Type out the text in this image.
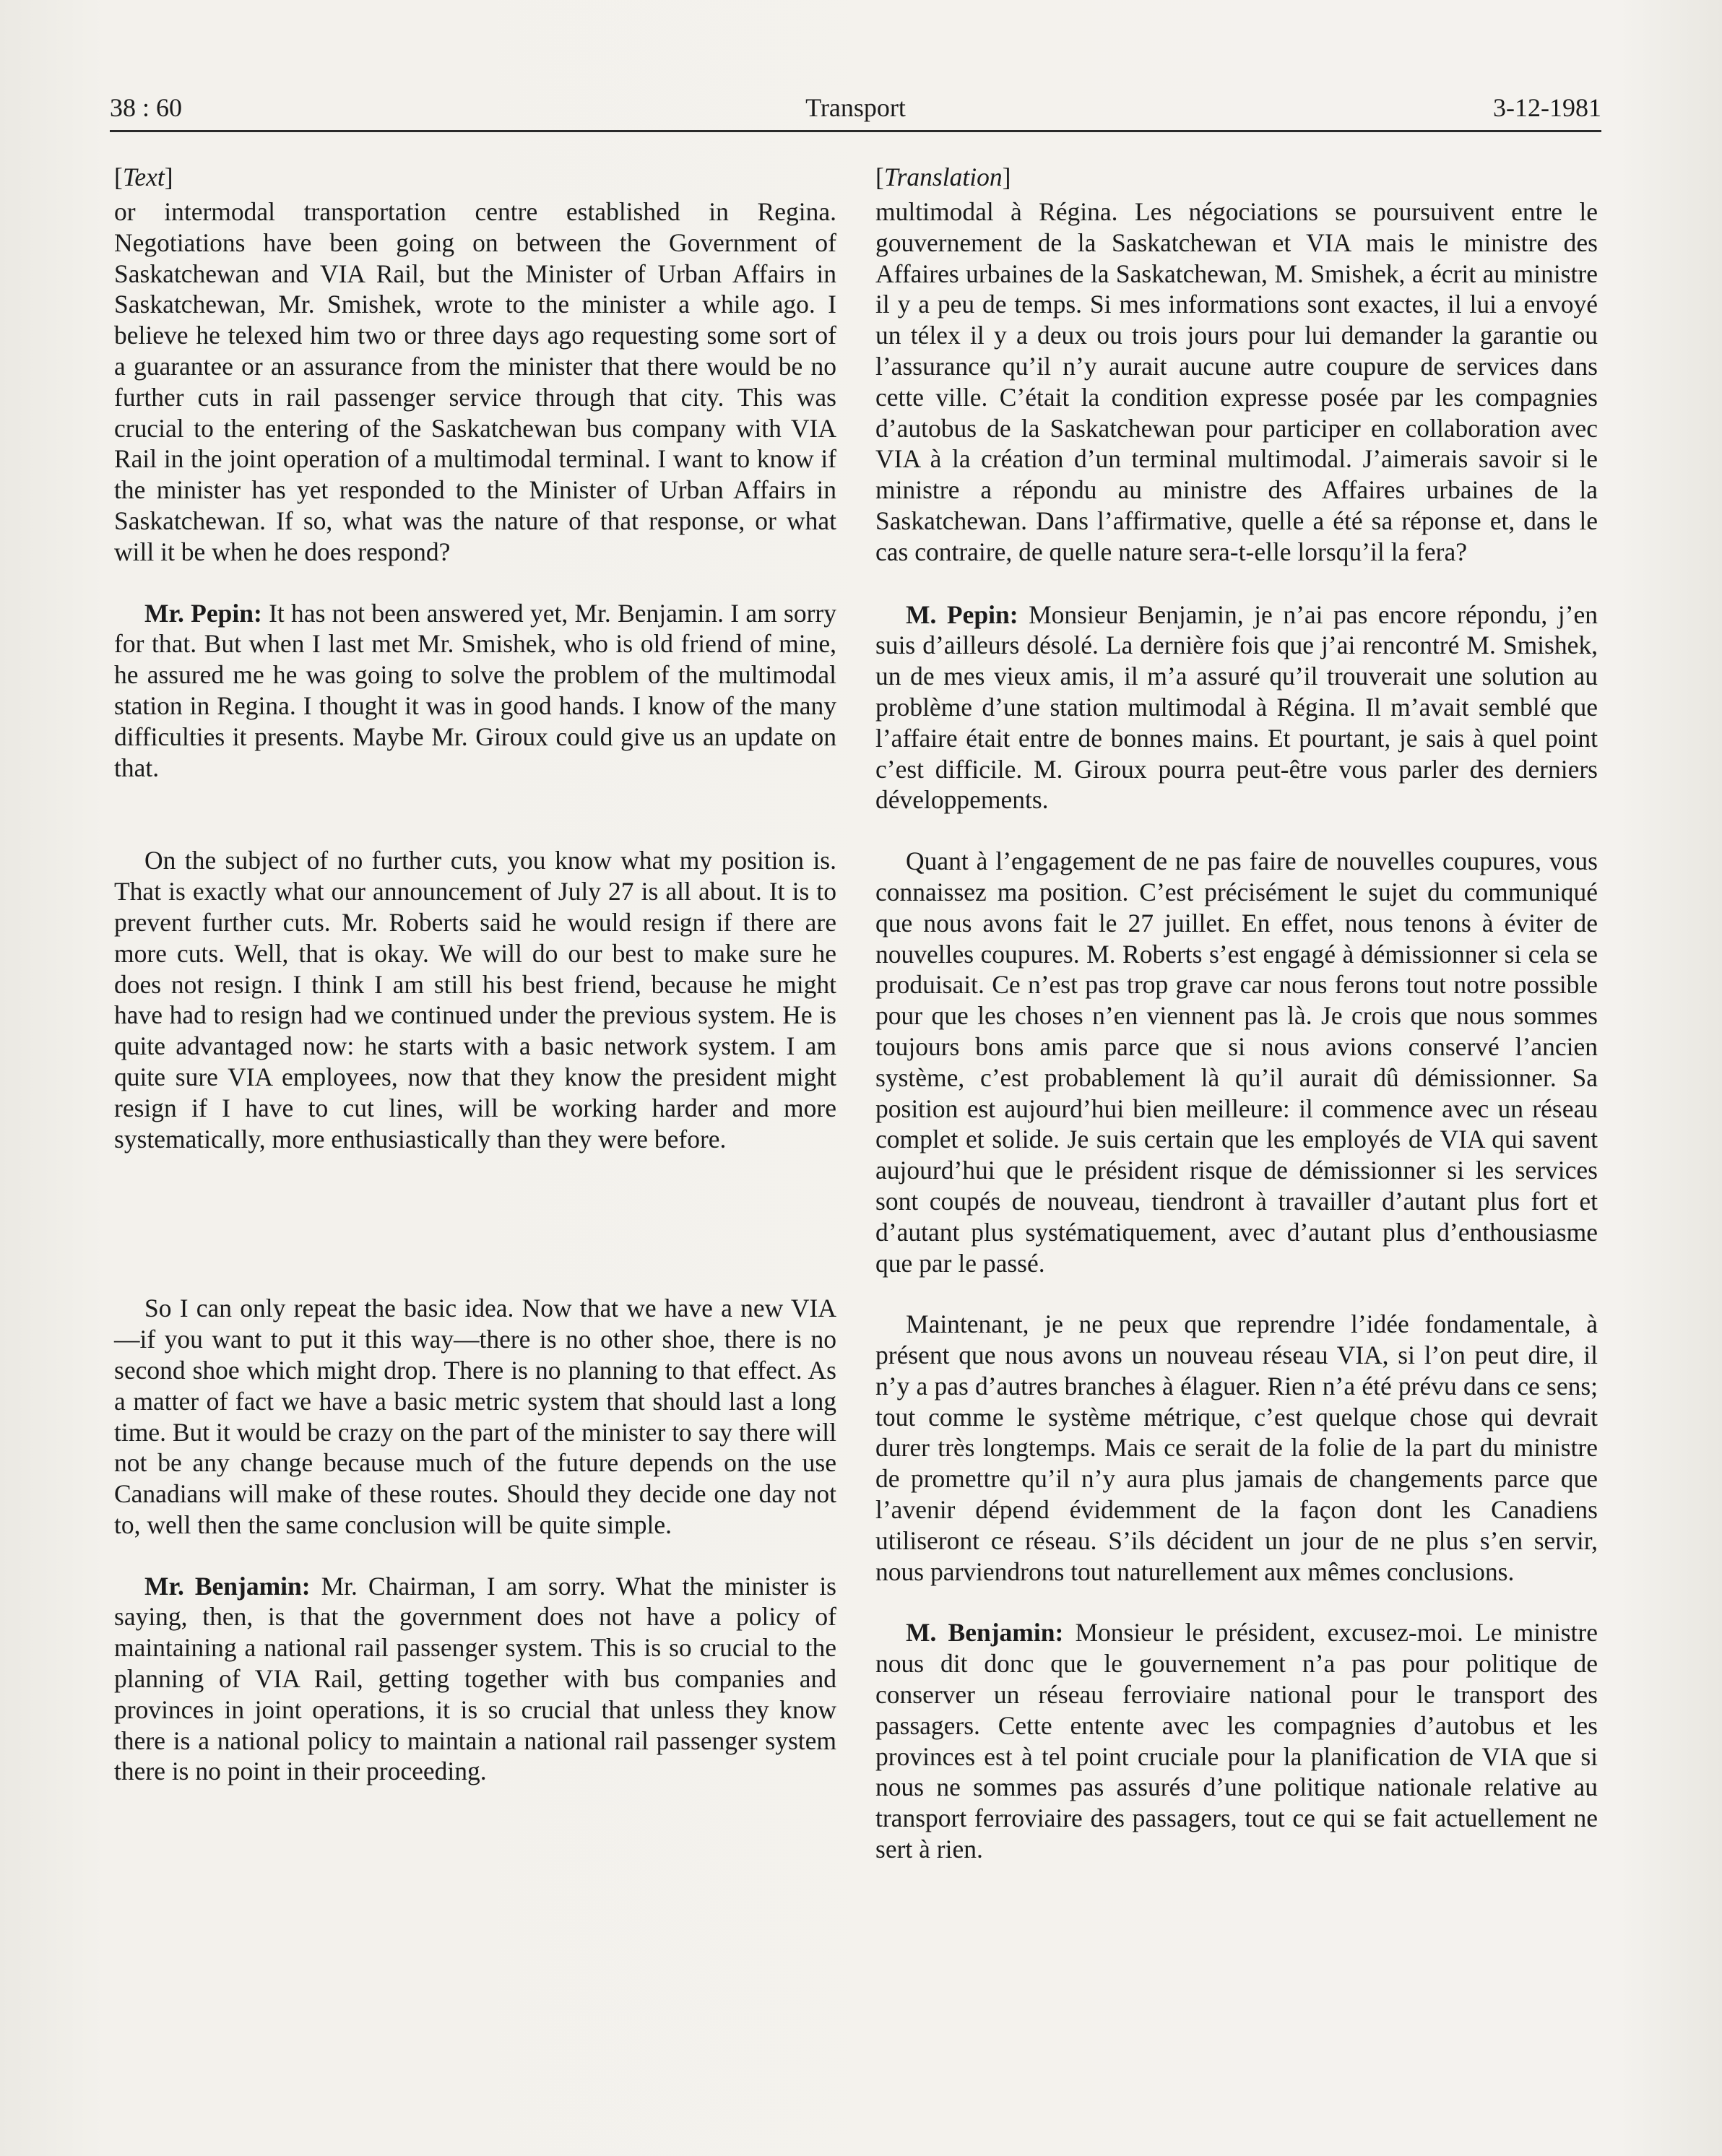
38 : 60	Transport	3-12-1981
[Text]

or intermodal transportation centre established in Regina. Negotiations have been going on between the Government of Saskatchewan and VIA Rail, but the Minister of Urban Affairs in Saskatchewan, Mr. Smishek, wrote to the minister a while ago. I believe he telexed him two or three days ago requesting some sort of a guarantee or an assurance from the minister that there would be no further cuts in rail passenger service through that city. This was crucial to the entering of the Saskatchewan bus company with VIA Rail in the joint operation of a multimodal terminal. I want to know if the minister has yet responded to the Minister of Urban Affairs in Saskatchewan. If so, what was the nature of that response, or what will it be when he does respond?

Mr. Pepin: It has not been answered yet, Mr. Benjamin. I am sorry for that. But when I last met Mr. Smishek, who is old friend of mine, he assured me he was going to solve the problem of the multimodal station in Regina. I thought it was in good hands. I know of the many difficulties it presents. Maybe Mr. Giroux could give us an update on that.

On the subject of no further cuts, you know what my position is. That is exactly what our announcement of July 27 is all about. It is to prevent further cuts. Mr. Roberts said he would resign if there are more cuts. Well, that is okay. We will do our best to make sure he does not resign. I think I am still his best friend, because he might have had to resign had we continued under the previous system. He is quite advantaged now: he starts with a basic network system. I am quite sure VIA employees, now that they know the president might resign if I have to cut lines, will be working harder and more systematically, more enthusiastically than they were before.

So I can only repeat the basic idea. Now that we have a new VIA—if you want to put it this way—there is no other shoe, there is no second shoe which might drop. There is no planning to that effect. As a matter of fact we have a basic metric system that should last a long time. But it would be crazy on the part of the minister to say there will not be any change because much of the future depends on the use Canadians will make of these routes. Should they decide one day not to, well then the same conclusion will be quite simple.

Mr. Benjamin: Mr. Chairman, I am sorry. What the minister is saying, then, is that the government does not have a policy of maintaining a national rail passenger system. This is so crucial to the planning of VIA Rail, getting together with bus companies and provinces in joint operations, it is so crucial that unless they know there is a national policy to maintain a national rail passenger system there is no point in their proceeding.

[Translation]

multimodal à Régina. Les négociations se poursuivent entre le gouvernement de la Saskatchewan et VIA mais le ministre des Affaires urbaines de la Saskatchewan, M. Smishek, a écrit au ministre il y a peu de temps. Si mes informations sont exactes, il lui a envoyé un télex il y a deux ou trois jours pour lui demander la garantie ou l’assurance qu’il n’y aurait aucune autre coupure de services dans cette ville. C’était la condition expresse posée par les compagnies d’autobus de la Saskatchewan pour participer en collaboration avec VIA à la création d’un terminal multimodal. J’aimerais savoir si le ministre a répondu au ministre des Affaires urbaines de la Saskatchewan. Dans l’affirmative, quelle a été sa réponse et, dans le cas contraire, de quelle nature sera-t-elle lorsqu’il la fera?

M. Pepin: Monsieur Benjamin, je n’ai pas encore répondu, j’en suis d’ailleurs désolé. La dernière fois que j’ai rencontré M. Smishek, un de mes vieux amis, il m’a assuré qu’il trouverait une solution au problème d’une station multimodal à Régina. Il m’avait semblé que l’affaire était entre de bonnes mains. Et pourtant, je sais à quel point c’est difficile. M. Giroux pourra peut-être vous parler des derniers développements.

Quant à l’engagement de ne pas faire de nouvelles coupures, vous connaissez ma position. C’est précisément le sujet du communiqué que nous avons fait le 27 juillet. En effet, nous tenons à éviter de nouvelles coupures. M. Roberts s’est engagé à démissionner si cela se produisait. Ce n’est pas trop grave car nous ferons tout notre possible pour que les choses n’en viennent pas là. Je crois que nous sommes toujours bons amis parce que si nous avions conservé l’ancien système, c’est probablement là qu’il aurait dû démissionner. Sa position est aujourd’hui bien meilleure: il commence avec un réseau complet et solide. Je suis certain que les employés de VIA qui savent aujourd’hui que le président risque de démissionner si les services sont coupés de nouveau, tiendront à travailler d’autant plus fort et d’autant plus systématiquement, avec d’autant plus d’enthousiasme que par le passé.

Maintenant, je ne peux que reprendre l’idée fondamentale, à présent que nous avons un nouveau réseau VIA, si l’on peut dire, il n’y a pas d’autres branches à élaguer. Rien n’a été prévu dans ce sens; tout comme le système métrique, c’est quelque chose qui devrait durer très longtemps. Mais ce serait de la folie de la part du ministre de promettre qu’il n’y aura plus jamais de changements parce que l’avenir dépend évidemment de la façon dont les Canadiens utiliseront ce réseau. S’ils décident un jour de ne plus s’en servir, nous parviendrons tout naturellement aux mêmes conclusions.

M. Benjamin: Monsieur le président, excusez-moi. Le ministre nous dit donc que le gouvernement n’a pas pour politique de conserver un réseau ferroviaire national pour le transport des passagers. Cette entente avec les compagnies d’autobus et les provinces est à tel point cruciale pour la planification de VIA que si nous ne sommes pas assurés d’une politique nationale relative au transport ferroviaire des passagers, tout ce qui se fait actuellement ne sert à rien.
